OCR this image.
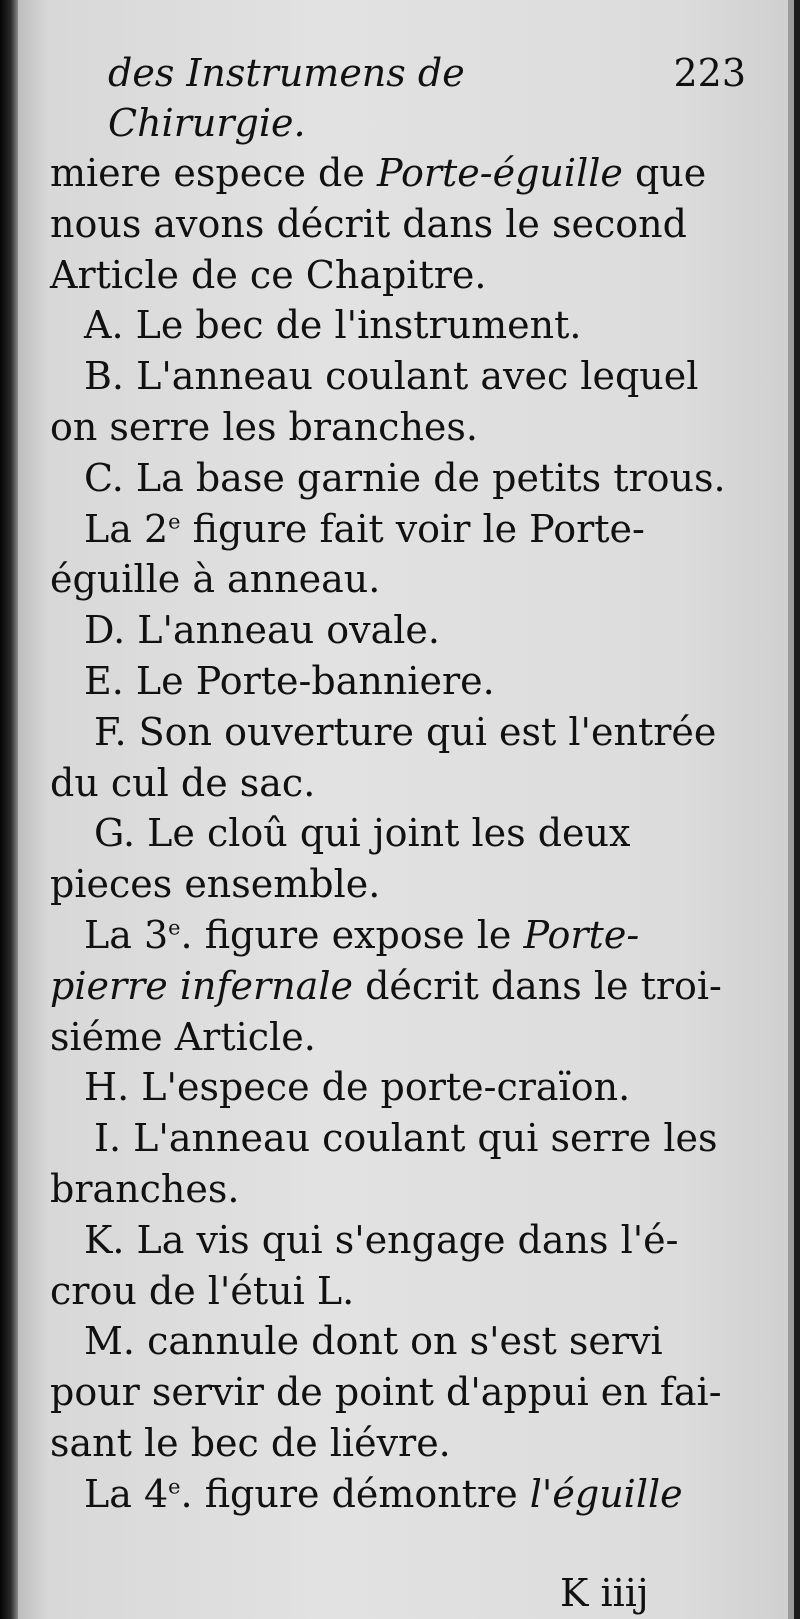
des Instrumens de Chirurgie.
223
miere espece de Porte-éguille que
nous avons décrit dans le second
Article de ce Chapitre.
A. Le bec de l'instrument.
B. L'anneau coulant avec lequel
on serre les branches.
C. La base garnie de petits trous.
La 2e figure fait voir le Porte-
éguille à anneau.
D. L'anneau ovale.
E. Le Porte-banniere.
F. Son ouverture qui est l'entrée
du cul de sac.
G. Le cloû qui joint les deux
pieces ensemble.
La 3e. figure expose le Porte-
pierre infernale décrit dans le troi-
siéme Article.
H. L'espece de porte-craïon.
I. L'anneau coulant qui serre les
branches.
K. La vis qui s'engage dans l'é-
crou de l'étui L.
M. cannule dont on s'est servi
pour servir de point d'appui en fai-
sant le bec de liévre.
La 4e. figure démontre l'éguille
K iiij
